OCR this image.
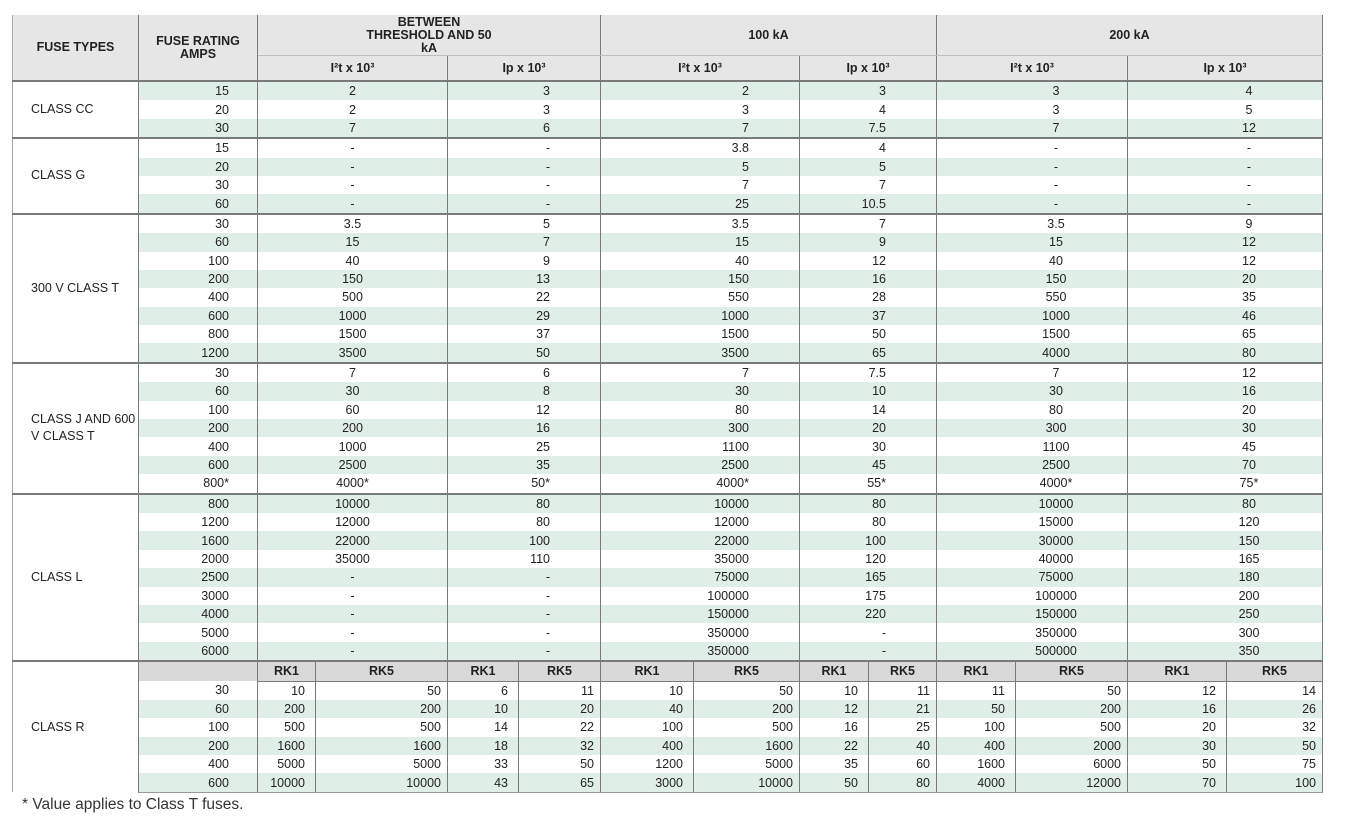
FUSE TYPES	FUSE RATING AMPS	BETWEEN THRESHOLD AND 50 kA				100 kA				200 kA			
		I²t x 10³		Ip x 10³		I²t x 10³		Ip x 10³		I²t x 10³		Ip x 10³	
CLASS CC	15	2		3		2		3		3		4	
	20	2		3		3		4		3		5	
	30	7		6		7		7.5		7		12	
CLASS G	15	-		-		3.8		4		-		-	
	20	-		-		5		5		-		-	
	30	-		-		7		7		-		-	
	60	-		-		25		10.5		-		-	
300 V CLASS T	30	3.5		5		3.5		7		3.5		9	
	60	15		7		15		9		15		12	
	100	40		9		40		12		40		12	
	200	150		13		150		16		150		20	
	400	500		22		550		28		550		35	
	600	1000		29		1000		37		1000		46	
	800	1500		37		1500		50		1500		65	
	1200	3500		50		3500		65		4000		80	
CLASS J AND 600 V CLASS T	30	7		6		7		7.5		7		12	
	60	30		8		30		10		30		16	
	100	60		12		80		14		80		20	
	200	200		16		300		20		300		30	
	400	1000		25		1100		30		1100		45	
	600	2500		35		2500		45		2500		70	
	800*	4000*		50*		4000*		55*		4000*		75*	
CLASS L	800	10000		80		10000		80		10000		80	
	1200	12000		80		12000		80		15000		120	
	1600	22000		100		22000		100		30000		150	
	2000	35000		110		35000		120		40000		165	
	2500	-		-		75000		165		75000		180	
	3000	-		-		100000		175		100000		200	
	4000	-		-		150000		220		150000		250	
	5000	-		-		350000		-		350000		300	
	6000	-		-		350000		-		500000		350	
CLASS R		RK1	RK5	RK1	RK5	RK1	RK5	RK1	RK5	RK1	RK5	RK1	RK5
	30	10	50	6	11	10	50	10	11	11	50	12	14
	60	200	200	10	20	40	200	12	21	50	200	16	26
	100	500	500	14	22	100	500	16	25	100	500	20	32
	200	1600	1600	18	32	400	1600	22	40	400	2000	30	50
	400	5000	5000	33	50	1200	5000	35	60	1600	6000	50	75
	600	10000	10000	43	65	3000	10000	50	80	4000	12000	70	100
* Value applies to Class T fuses.
